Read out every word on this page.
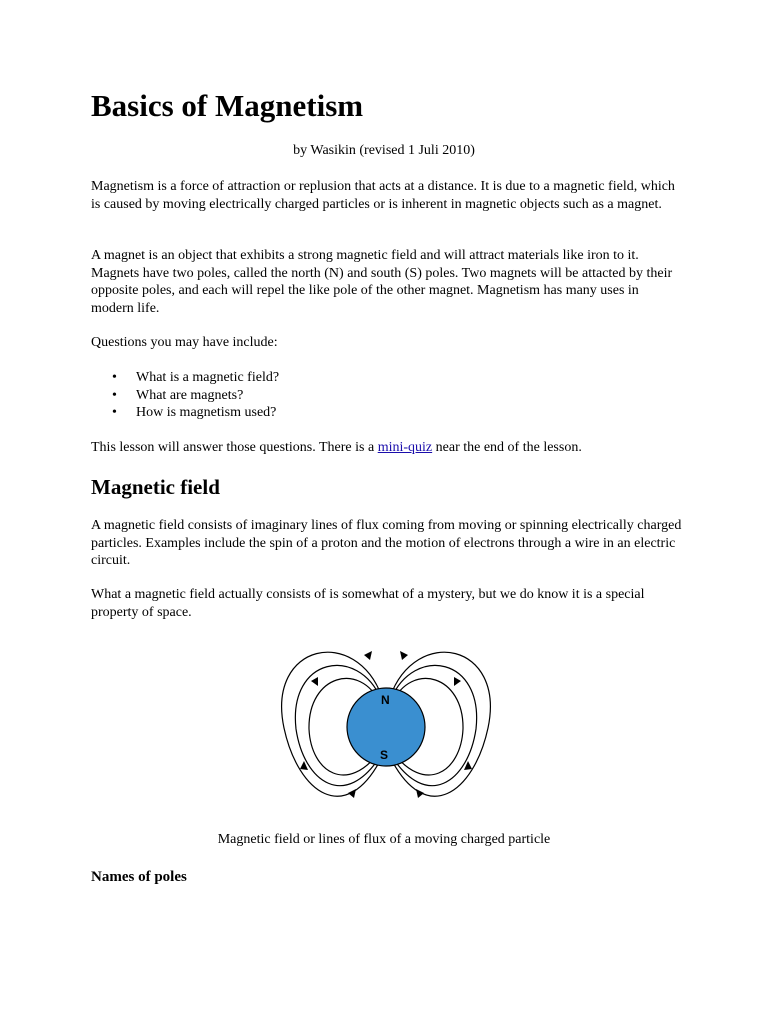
Basics of Magnetism
by Wasikin (revised 1 Juli 2010)

Magnetism is a force of attraction or replusion that acts at a distance. It is due to a magnetic field, which is caused by moving electrically charged particles or is inherent in magnetic objects such as a magnet.

A magnet is an object that exhibits a strong magnetic field and will attract materials like iron to it. Magnets have two poles, called the north (N) and south (S) poles. Two magnets will be attacted by their opposite poles, and each will repel the like pole of the other magnet. Magnetism has many uses in modern life.

Questions you may have include:

• What is a magnetic field?
• What are magnets?
• How is magnetism used?

This lesson will answer those questions. There is a mini-quiz near the end of the lesson.

Magnetic field

A magnetic field consists of imaginary lines of flux coming from moving or spinning electrically charged particles. Examples include the spin of a proton and the motion of electrons through a wire in an electric circuit.

What a magnetic field actually consists of is somewhat of a mystery, but we do know it is a special property of space.

Names of poles
N
S
Magnetic field or lines of flux of a moving charged particle
